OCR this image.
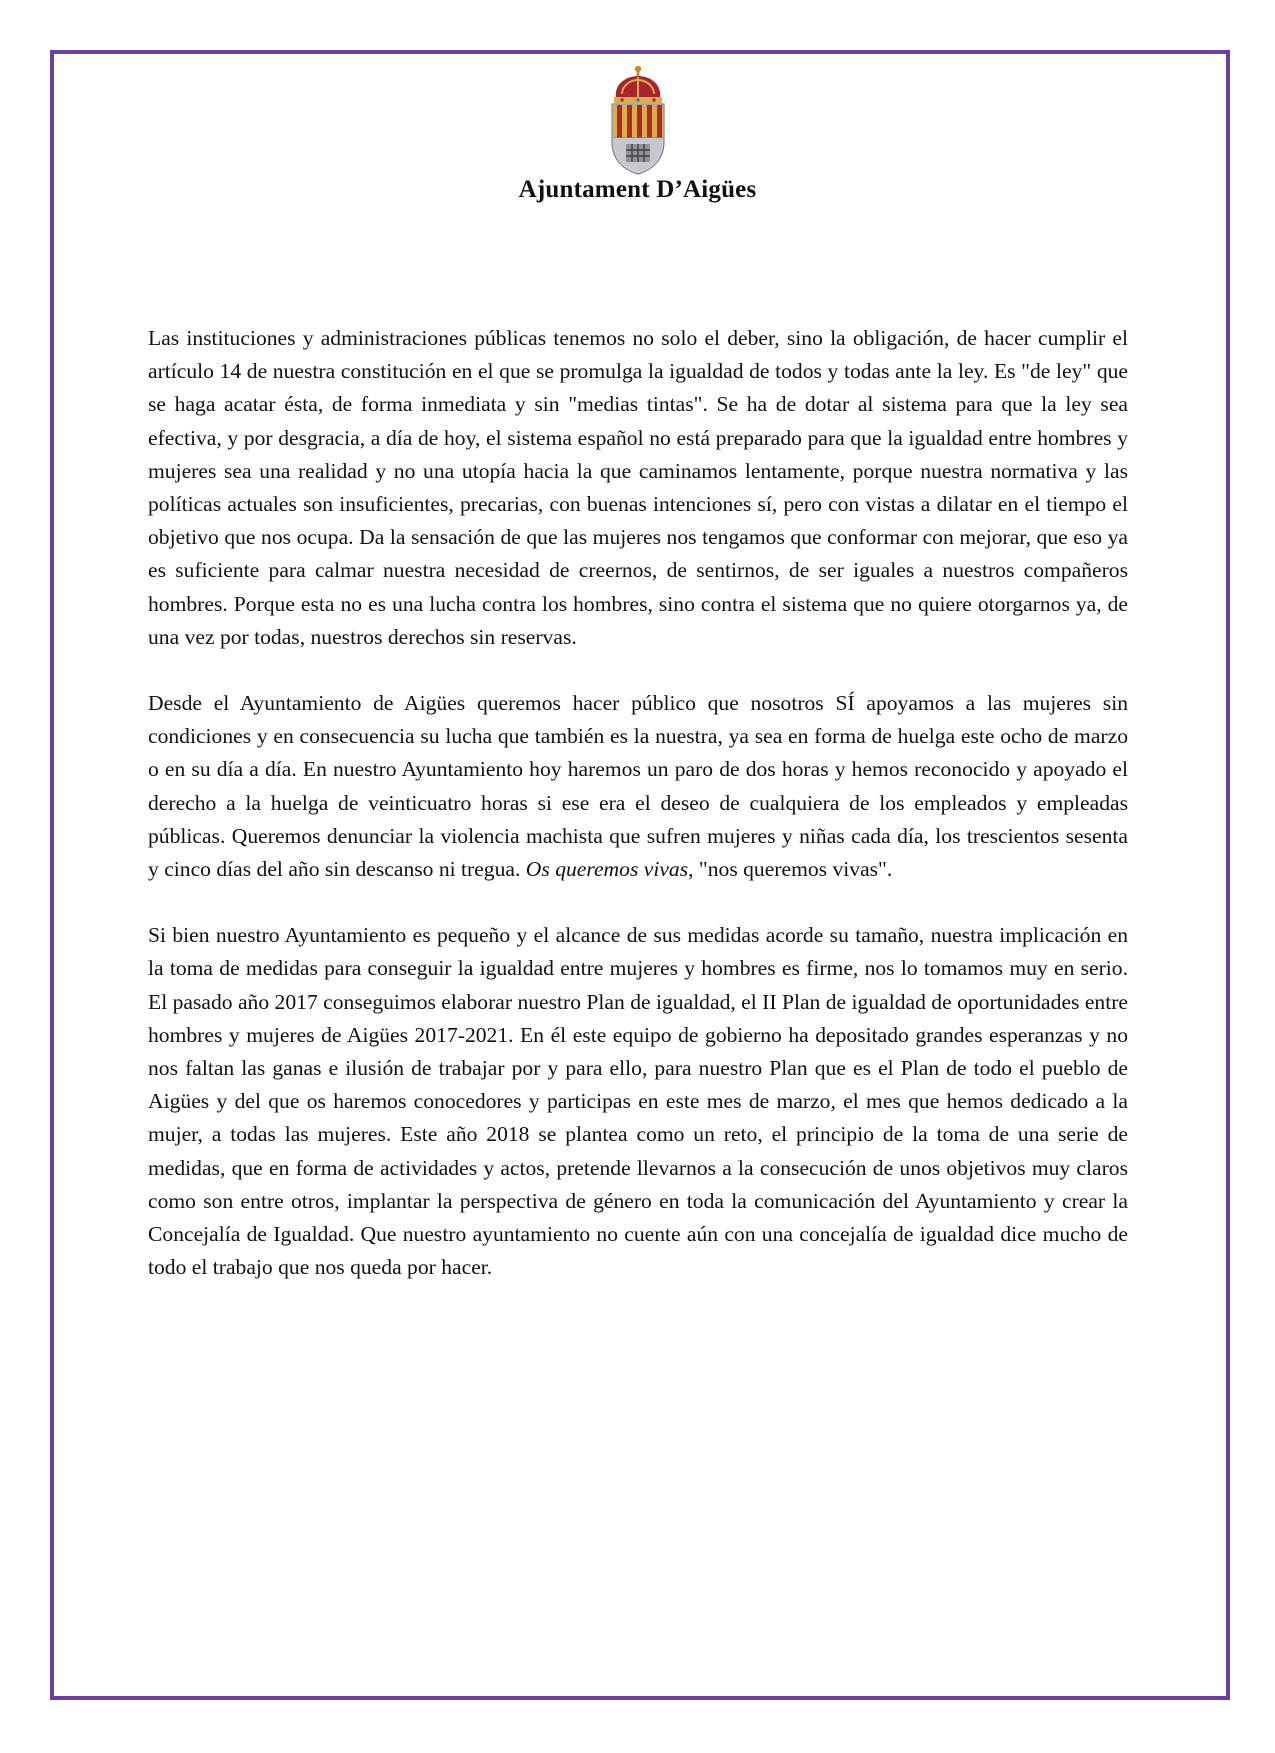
Ajuntament D’Aigües

Las instituciones y administraciones públicas tenemos no solo el deber, sino la obligación, de hacer cumplir el artículo 14 de nuestra constitución en el que se promulga la igualdad de todos y todas ante la ley. Es "de ley" que se haga acatar ésta, de forma inmediata y sin "medias tintas". Se ha de dotar al sistema para que la ley sea efectiva, y por desgracia, a día de hoy, el sistema español no está preparado para que la igualdad entre hombres y mujeres sea una realidad y no una utopía hacia la que caminamos lentamente, porque nuestra normativa y las políticas actuales son insuficientes, precarias, con buenas intenciones sí, pero con vistas a dilatar en el tiempo el objetivo que nos ocupa. Da la sensación de que las mujeres nos tengamos que conformar con mejorar, que eso ya es suficiente para calmar nuestra necesidad de creernos, de sentirnos, de ser iguales a nuestros compañeros hombres. Porque esta no es una lucha contra los hombres, sino contra el sistema que no quiere otorgarnos ya, de una vez por todas, nuestros derechos sin reservas.

Desde el Ayuntamiento de Aigües queremos hacer público que nosotros SÍ apoyamos a las mujeres sin condiciones y en consecuencia su lucha que también es la nuestra, ya sea en forma de huelga este ocho de marzo o en su día a día. En nuestro Ayuntamiento hoy haremos un paro de dos horas y hemos reconocido y apoyado el derecho a la huelga de veinticuatro horas si ese era el deseo de cualquiera de los empleados y empleadas públicas. Queremos denunciar la violencia machista que sufren mujeres y niñas cada día, los trescientos sesenta y cinco días del año sin descanso ni tregua. Os queremos vivas, "nos queremos vivas".

Si bien nuestro Ayuntamiento es pequeño y el alcance de sus medidas acorde su tamaño, nuestra implicación en la toma de medidas para conseguir la igualdad entre mujeres y hombres es firme, nos lo tomamos muy en serio. El pasado año 2017 conseguimos elaborar nuestro Plan de igualdad, el II Plan de igualdad de oportunidades entre hombres y mujeres de Aigües 2017-2021. En él este equipo de gobierno ha depositado grandes esperanzas y no nos faltan las ganas e ilusión de trabajar por y para ello, para nuestro Plan que es el Plan de todo el pueblo de Aigües y del que os haremos conocedores y participas en este mes de marzo, el mes que hemos dedicado a la mujer, a todas las mujeres. Este año 2018 se plantea como un reto, el principio de la toma de una serie de medidas, que en forma de actividades y actos, pretende llevarnos a la consecución de unos objetivos muy claros como son entre otros, implantar la perspectiva de género en toda la comunicación del Ayuntamiento y crear la Concejalía de Igualdad. Que nuestro ayuntamiento no cuente aún con una concejalía de igualdad dice mucho de todo el trabajo que nos queda por hacer.
